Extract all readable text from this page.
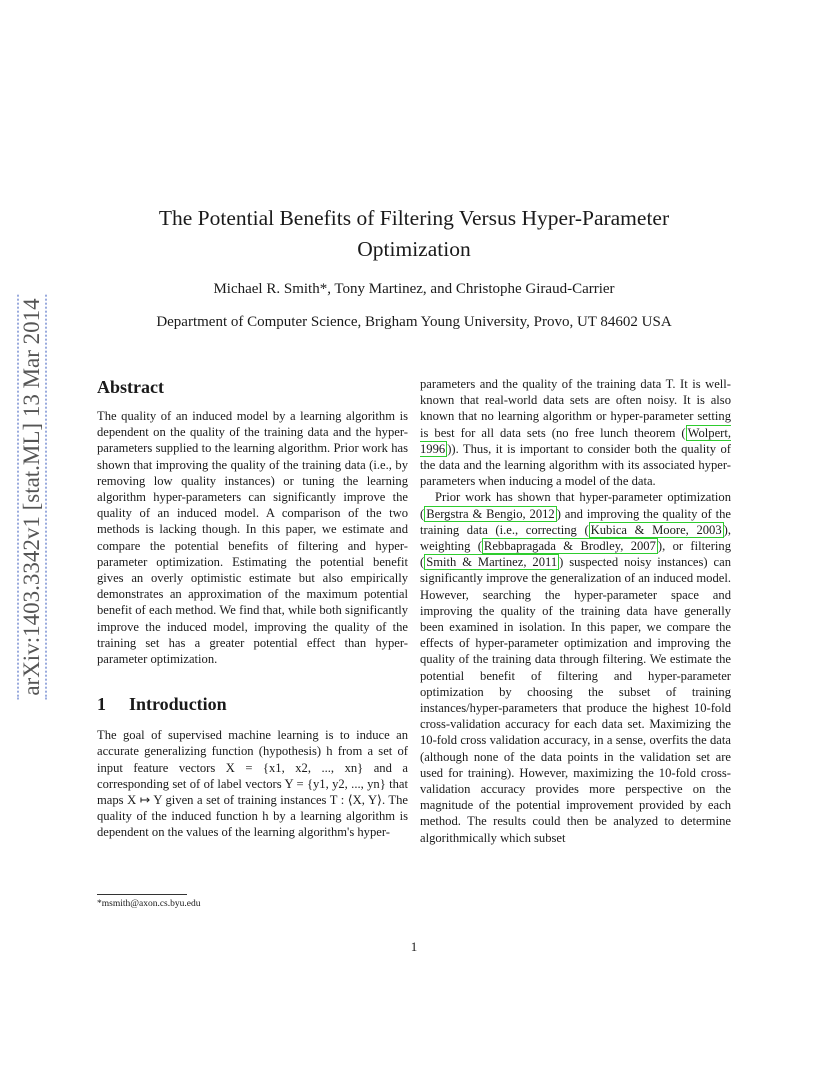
arXiv:1403.3342v1 [stat.ML] 13 Mar 2014
The Potential Benefits of Filtering Versus Hyper-Parameter Optimization
Michael R. Smith*, Tony Martinez, and Christophe Giraud-Carrier
Department of Computer Science, Brigham Young University, Provo, UT 84602 USA
Abstract

The quality of an induced model by a learning algorithm is dependent on the quality of the training data and the hyper-parameters supplied to the learning algorithm. Prior work has shown that improving the quality of the training data (i.e., by removing low quality instances) or tuning the learning algorithm hyper-parameters can significantly improve the quality of an induced model. A comparison of the two methods is lacking though. In this paper, we estimate and compare the potential benefits of filtering and hyper-parameter optimization. Estimating the potential benefit gives an overly optimistic estimate but also empirically demonstrates an approximation of the maximum potential benefit of each method. We find that, while both significantly improve the induced model, improving the quality of the training set has a greater potential effect than hyper-parameter optimization.

1 Introduction

The goal of supervised machine learning is to induce an accurate generalizing function (hypothesis) h from a set of input feature vectors X = {x1, x2, ..., xn} and a corresponding set of of label vectors Y = {y1, y2, ..., yn} that maps X ↦ Y given a set of training instances T : ⟨X, Y⟩. The quality of the induced function h by a learning algorithm is dependent on the values of the learning algorithm's hyper-

parameters and the quality of the training data T. It is well-known that real-world data sets are often noisy. It is also known that no learning algorithm or hyper-parameter setting is best for all data sets (no free lunch theorem ( Wolpert, 1996 )). Thus, it is important to consider both the quality of the data and the learning algorithm with its associated hyper-parameters when inducing a model of the data.

Prior work has shown that hyper-parameter optimization ( Bergstra & Bengio, 2012 ) and improving the quality of the training data (i.e., correcting ( Kubica & Moore, 2003 ), weighting ( Rebbapragada & Brodley, 2007 ), or filtering ( Smith & Martinez, 2011 ) suspected noisy instances) can significantly improve the generalization of an induced model. However, searching the hyper-parameter space and improving the quality of the training data have generally been examined in isolation. In this paper, we compare the effects of hyper-parameter optimization and improving the quality of the training data through filtering. We estimate the potential benefit of filtering and hyper-parameter optimization by choosing the subset of training instances/hyper-parameters that produce the highest 10-fold cross-validation accuracy for each data set. Maximizing the 10-fold cross validation accuracy, in a sense, overfits the data (although none of the data points in the validation set are used for training). However, maximizing the 10-fold cross-validation accuracy provides more perspective on the magnitude of the potential improvement provided by each method. The results could then be analyzed to determine algorithmically which subset

*msmith@axon.cs.byu.edu
1
